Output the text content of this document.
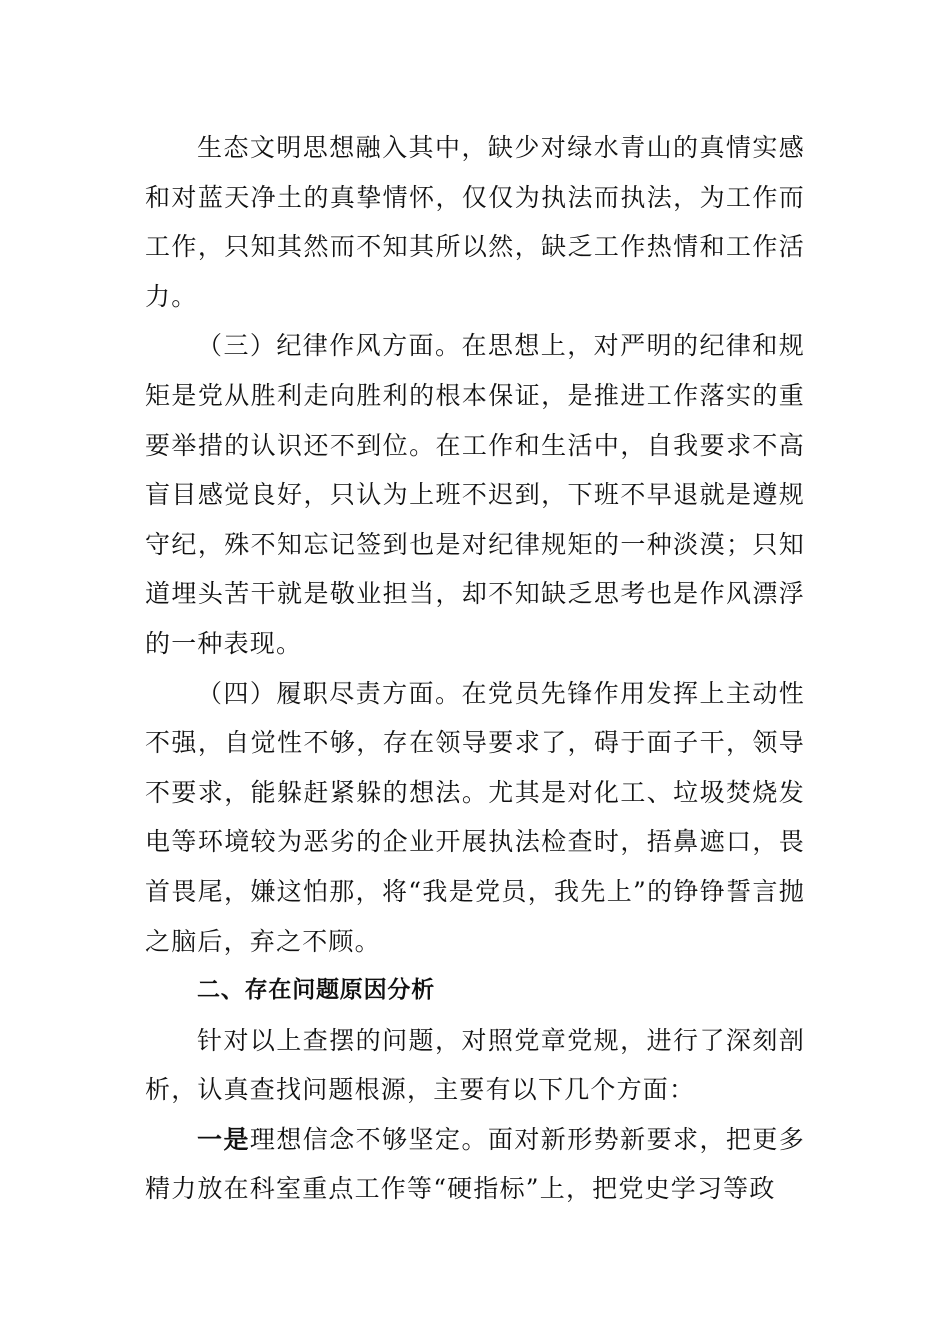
生态文明思想融入其中，缺少对绿水青山的真情实感和对蓝天净土的真挚情怀，仅仅为执法而执法，为工作而工作，只知其然而不知其所以然，缺乏工作热情和工作活力。

（三）纪律作风方面。在思想上，对严明的纪律和规矩是党从胜利走向胜利的根本保证，是推进工作落实的重要举措的认识还不到位。在工作和生活中，自我要求不高盲目感觉良好，只认为上班不迟到，下班不早退就是遵规守纪，殊不知忘记签到也是对纪律规矩的一种淡漠；只知道埋头苦干就是敬业担当，却不知缺乏思考也是作风漂浮的一种表现。

（四）履职尽责方面。在党员先锋作用发挥上主动性不强，自觉性不够，存在领导要求了，碍于面子干，领导不要求，能躲赶紧躲的想法。尤其是对化工、垃圾焚烧发电等环境较为恶劣的企业开展执法检查时，捂鼻遮口，畏首畏尾，嫌这怕那，将“我是党员，我先上”的铮铮誓言抛之脑后，弃之不顾。

二、存在问题原因分析

针对以上查摆的问题，对照党章党规，进行了深刻剖析，认真查找问题根源，主要有以下几个方面：

一是理想信念不够坚定。面对新形势新要求，把更多精力放在科室重点工作等“硬指标”上，把党史学习等政
